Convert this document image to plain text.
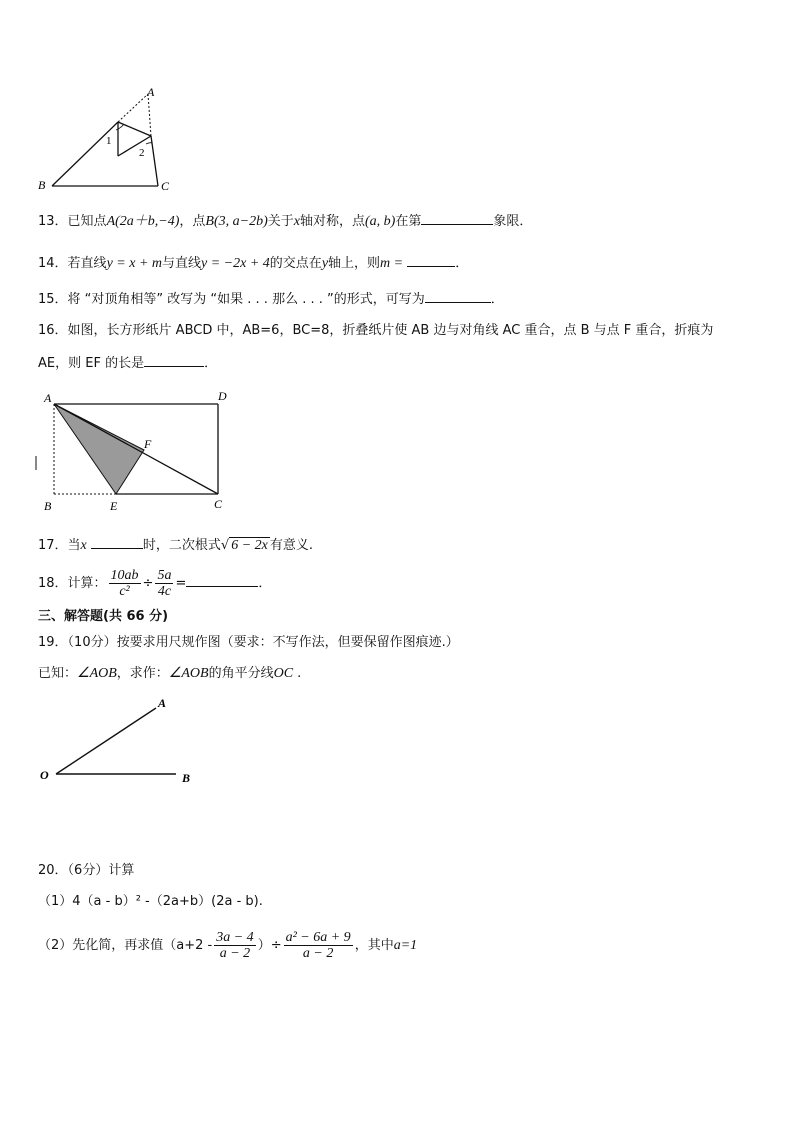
A
B	C
1
2
13．已知点A(2a＋b,−4)，点B(3, a−2b)关于x轴对称，点(a, b)在第	象限．
14．若直线y = x + m与直线y = −2x + 4的交点在y轴上，则m =	．
15．将 “对顶角相等” 改写为 “如果 . . . 那么 . . . ”的形式，可写为	．
16．如图，长方形纸片 ABCD 中，AB=6，BC=8，折叠纸片使 AB 边与对角线 AC 重合，点 B 与点 F 重合，折痕为
AE，则 EF 的长是	．
A	D
F
B	E	C
17．当x	时，二次根式√ 6 − 2x 有意义.
18．计算： $\frac{10ab}{\text{c²}} \div \frac{5a}{4c}$ =	．
三、解答题(共 66 分)
19．（10分）按要求用尺规作图（要求：不写作法，但要保留作图痕迹.）
已知：∠AOB，求作：∠AOB的角平分线OC .
O
A
B
20．（6分）计算
（1）4（a - b）² -（2a+b）(2a - b).
（2）先化简，再求值（$a+2 - \frac{3a - 4}{a - 2}$ ）÷ $\frac{\text{a² − 6a + 9}}{a - 2}$ ，其中a=1
